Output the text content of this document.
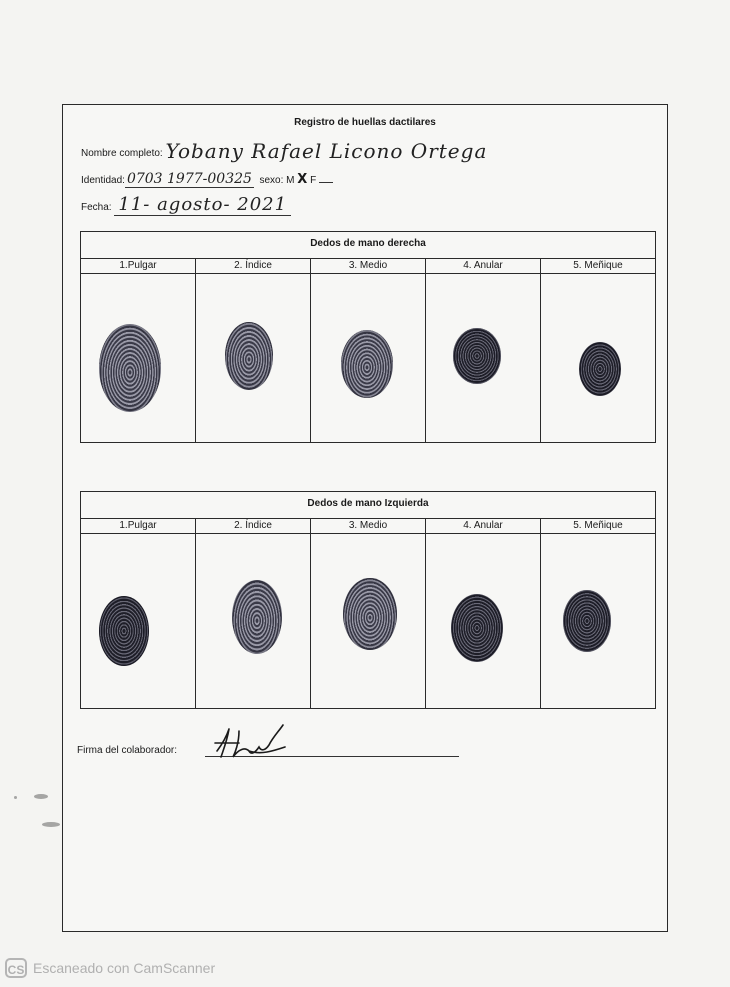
Registro de huellas dactilares
Nombre completo: Yobany Rafael Licono Ortega
Identidad: 0703 1977-00325 sexo: M X F
Fecha: 11- agosto- 2021
Dedos de mano derecha
1.Pulgar	2. Índice	3. Medio	4. Anular	5. Meñique
Dedos de mano Izquierda
1.Pulgar	2. Índice	3. Medio	4. Anular	5. Meñique
Firma del colaborador:
CS Escaneado con CamScanner
